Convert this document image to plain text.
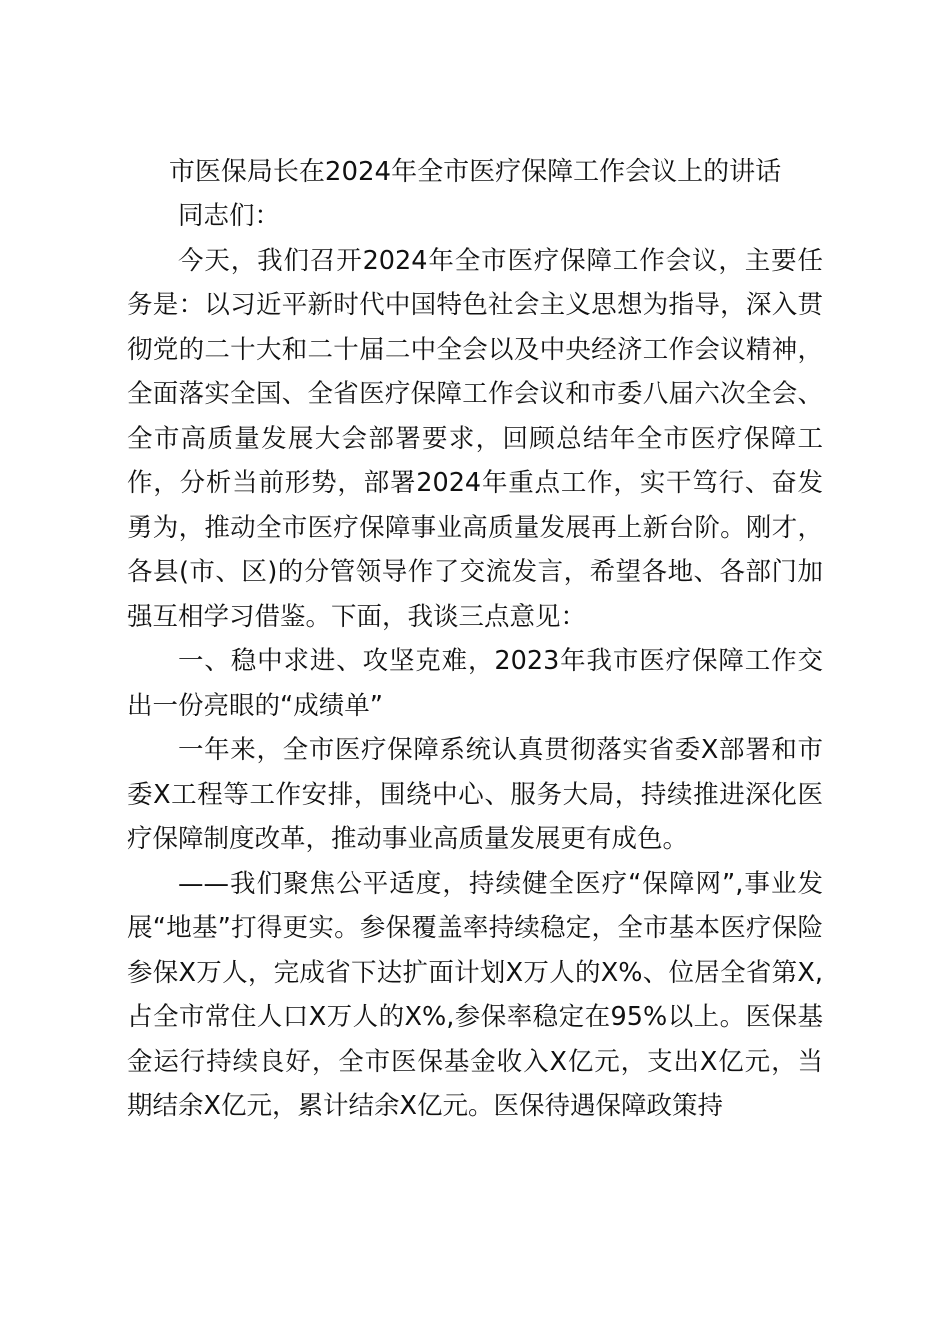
市医保局长在2024年全市医疗保障工作会议上的讲话

同志们：

今天，我们召开2024年全市医疗保障工作会议，主要任务是：以习近平新时代中国特色社会主义思想为指导，深入贯彻党的二十大和二十届二中全会以及中央经济工作会议精神，全面落实全国、全省医疗保障工作会议和市委八届六次全会、全市高质量发展大会部署要求，回顾总结年全市医疗保障工作，分析当前形势，部署2024年重点工作，实干笃行、奋发勇为，推动全市医疗保障事业高质量发展再上新台阶。刚才，各县(市、区)的分管领导作了交流发言，希望各地、各部门加强互相学习借鉴。下面，我谈三点意见：

一、稳中求进、攻坚克难，2023年我市医疗保障工作交出一份亮眼的“成绩单”

一年来，全市医疗保障系统认真贯彻落实省委X部署和市委X工程等工作安排，围绕中心、服务大局，持续推进深化医疗保障制度改革，推动事业高质量发展更有成色。

——我们聚焦公平适度，持续健全医疗“保障网”,事业发展“地基”打得更实。参保覆盖率持续稳定，全市基本医疗保险参保X万人，完成省下达扩面计划X万人的X%、位居全省第X,占全市常住人口X万人的X%,参保率稳定在95%以上。医保基金运行持续良好，全市医保基金收入X亿元，支出X亿元，当期结余X亿元，累计结余X亿元。医保待遇保障政策持
